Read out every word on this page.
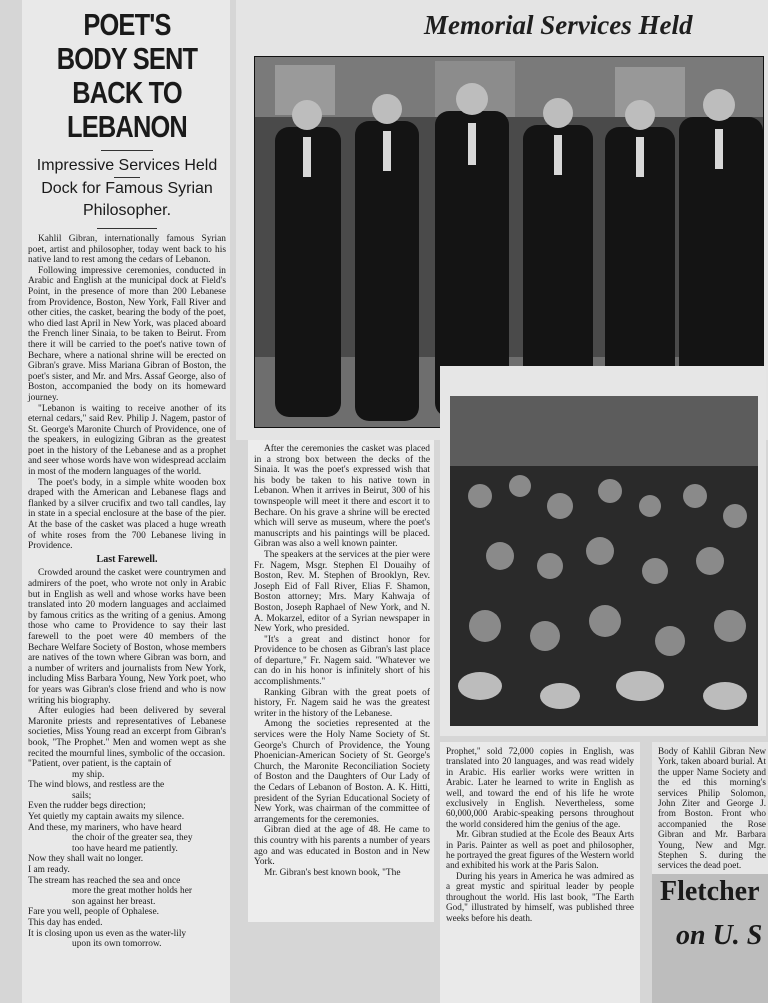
POET'S BODY SENT
BACK TO LEBANON
Impressive Services Held
Dock for Famous Syrian
Philosopher.

Kahlil Gibran, internationally famous Syrian poet, artist and philosopher, today went back to his native land to rest among the cedars of Lebanon.

Following impressive ceremonies, conducted in Arabic and English at the municipal dock at Field's Point, in the presence of more than 200 Lebanese from Providence, Boston, New York, Fall River and other cities, the casket, bearing the body of the poet, who died last April in New York, was placed aboard the French liner Sinaia, to be taken to Beirut. From there it will be carried to the poet's native town of Bechare, where a national shrine will be erected on Gibran's grave. Miss Mariana Gibran of Boston, the poet's sister, and Mr. and Mrs. Assaf George, also of Boston, accompanied the body on its homeward journey.

"Lebanon is waiting to receive another of its eternal cedars," said Rev. Philip J. Nagem, pastor of St. George's Maronite Church of Providence, one of the speakers, in eulogizing Gibran as the greatest poet in the history of the Lebanese and as a prophet and seer whose words have won widespread acclaim in most of the modern languages of the world.

The poet's body, in a simple white wooden box draped with the American and Lebanese flags and flanked by a silver crucifix and two tall candles, lay in state in a special enclosure at the base of the pier. At the base of the casket was placed a huge wreath of white roses from the 700 Lebanese living in Providence.

Last Farewell.

Crowded around the casket were countrymen and admirers of the poet, who wrote not only in Arabic but in English as well and whose works have been translated into 20 modern languages and acclaimed by famous critics as the writing of a genius. Among those who came to Providence to say their last farewell to the poet were 40 members of the Bechare Welfare Society of Boston, whose members are natives of the town where Gibran was born, and a number of writers and journalists from New York, including Miss Barbara Young, New York poet, who for years was Gibran's close friend and who is now writing his biography.

After eulogies had been delivered by several Maronite priests and representatives of Lebanese societies, Miss Young read an excerpt from Gibran's book, "The Prophet." Men and women wept as she recited the mournful lines, symbolic of the occasion.

"Patient, over patient, is the captain of

my ship.

The wind blows, and restless are the

sails;

Even the rudder begs direction;

Yet quietly my captain awaits my silence.

And these, my mariners, who have heard

the choir of the greater sea, they

too have heard me patiently.

Now they shall wait no longer.

I am ready.

The stream has reached the sea and once

more the great mother holds her

son against her breast.

Fare you well, people of Ophalese.

This day has ended.

It is closing upon us even as the water-lily

upon its own tomorrow.

Memorial Services Held

After the ceremonies the casket was placed in a strong box between the decks of the Sinaia. It was the poet's expressed wish that his body be taken to his native town in Lebanon. When it arrives in Beirut, 300 of his townspeople will meet it there and escort it to Bechare. On his grave a shrine will be erected which will serve as museum, where the poet's manuscripts and his paintings will be placed. Gibran was also a well known painter.

The speakers at the services at the pier were Fr. Nagem, Msgr. Stephen El Douaihy of Boston, Rev. M. Stephen of Brooklyn, Rev. Joseph Eid of Fall River, Elias F. Shamon, Boston attorney; Mrs. Mary Kahwaja of Boston, Joseph Raphael of New York, and N. A. Mokarzel, editor of a Syrian newspaper in New York, who presided.

"It's a great and distinct honor for Providence to be chosen as Gibran's last place of departure," Fr. Nagem said. "Whatever we can do in his honor is infinitely short of his accomplishments."

Ranking Gibran with the great poets of history, Fr. Nagem said he was the greatest writer in the history of the Lebanese.

Among the societies represented at the services were the Holy Name Society of St. George's Church of Providence, the Young Phoenician-American Society of St. George's Church, the Maronite Reconciliation Society of Boston and the Daughters of Our Lady of the Cedars of Lebanon of Boston. A. K. Hitti, president of the Syrian Educational Society of New York, was chairman of the committee of arrangements for the ceremonies.

Gibran died at the age of 48. He came to this country with his parents a number of years ago and was educated in Boston and in New York.

Mr. Gibran's best known book, "The

Prophet," sold 72,000 copies in English, was translated into 20 languages, and was read widely in Arabic. His earlier works were written in Arabic. Later he learned to write in English as well, and toward the end of his life he wrote exclusively in English. Nevertheless, some 60,000,000 Arabic-speaking persons throughout the world considered him the genius of the age.

Mr. Gibran studied at the Ecole des Beaux Arts in Paris. Painter as well as poet and philosopher, he portrayed the great figures of the Western world and exhibited his work at the Paris Salon.

During his years in America he was admired as a great mystic and spiritual leader by people throughout the world. His last book, "The Earth God," illustrated by himself, was published three weeks before his death.

Body of Kahlil Gibran New York, taken aboard burial. At the upper Name Society and the ed this morning's services Philip Solomon, John Ziter and George J. from Boston. Front who accompanied the Rose Gibran and Mr. Barbara Young, New and Mgr. Stephen S. during the services the dead poet.

Fletcher
on U. S
